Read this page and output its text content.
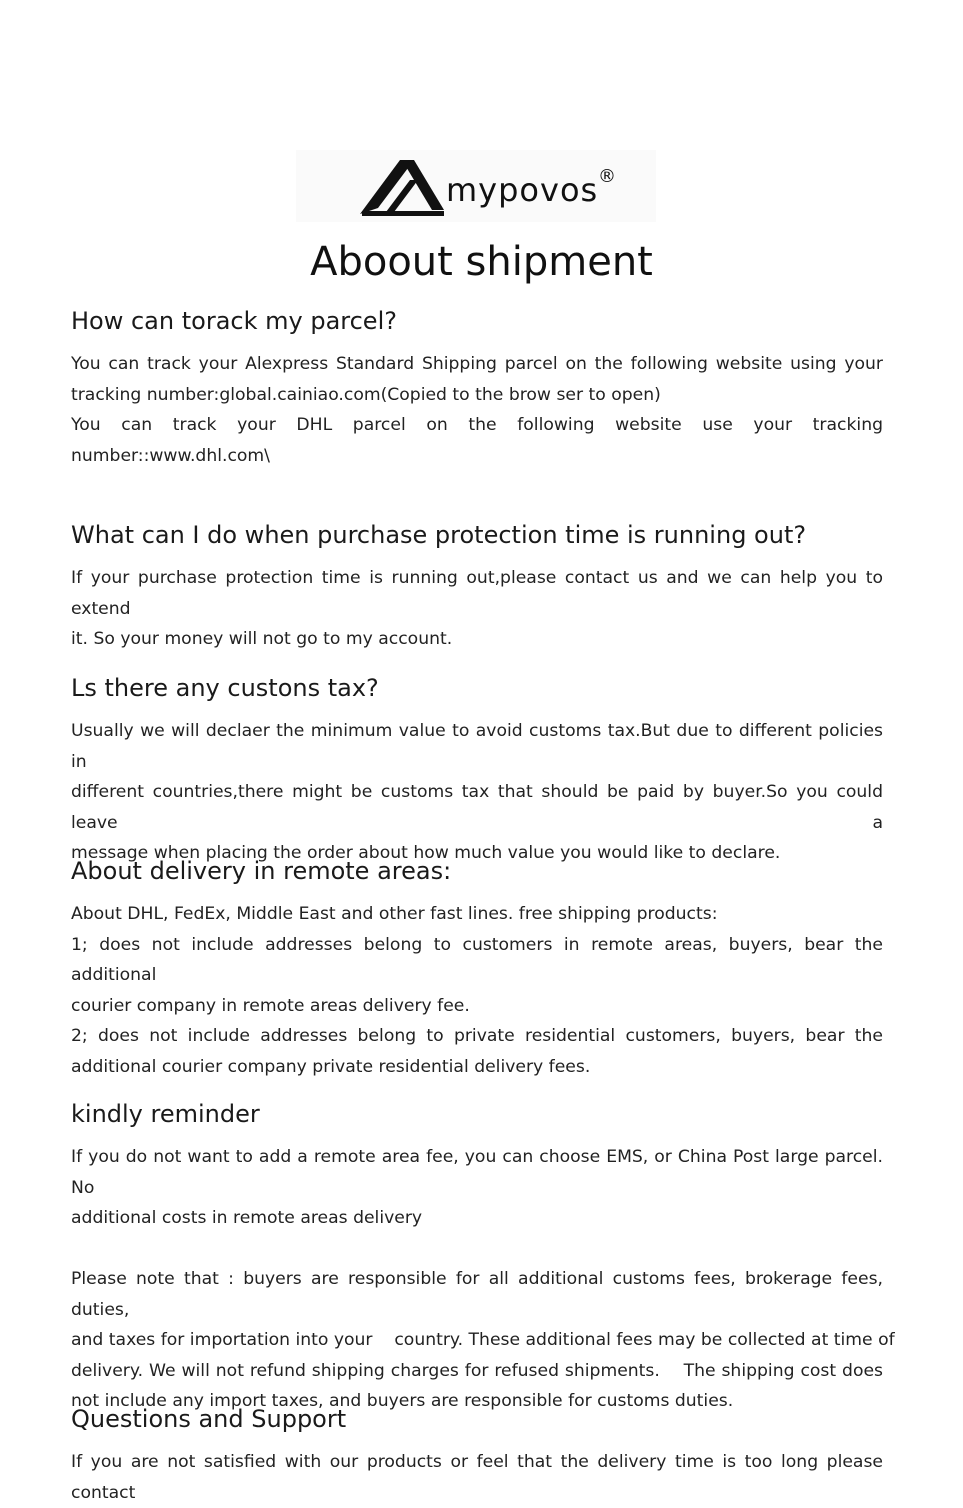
mypovos ®
Aboout shipment
How can torack my parcel?

You can track your Alexpress Standard Shipping parcel on the following website using your

tracking number:global.cainiao.com(Copied to the brow ser to open)

You can track your DHL parcel on the following website use your tracking

number::www.dhl.com\

What can I do when purchase protection time is running out?

If your purchase protection time is running out,please contact us and we can help you to extend

it. So your money will not go to my account.

Ls there any custons tax?

Usually we will declaer the minimum value to avoid customs tax.But due to different policies in

different countries,there might be customs tax that should be paid by buyer.So you could leave a

message when placing the order about how much value you would like to declare.

About delivery in remote areas:

About DHL, FedEx, Middle East and other fast lines. free shipping products:

1; does not include addresses belong to customers in remote areas, buyers, bear the additional

courier company in remote areas delivery fee.

2; does not include addresses belong to private residential customers, buyers, bear the

additional courier company private residential delivery fees.

kindly reminder

If you do not want to add a remote area fee, you can choose EMS, or China Post large parcel. No

additional costs in remote areas delivery

Please note that : buyers are responsible for all additional customs fees, brokerage fees, duties,

and taxes for importation into your    country. These additional fees may be collected at time of

delivery. We will not refund shipping charges for refused shipments.    The shipping cost does

not include any import taxes, and buyers are responsible for customs duties.

Questions and Support

If you are not satisfied with our products or feel that the delivery time is too long please contact
